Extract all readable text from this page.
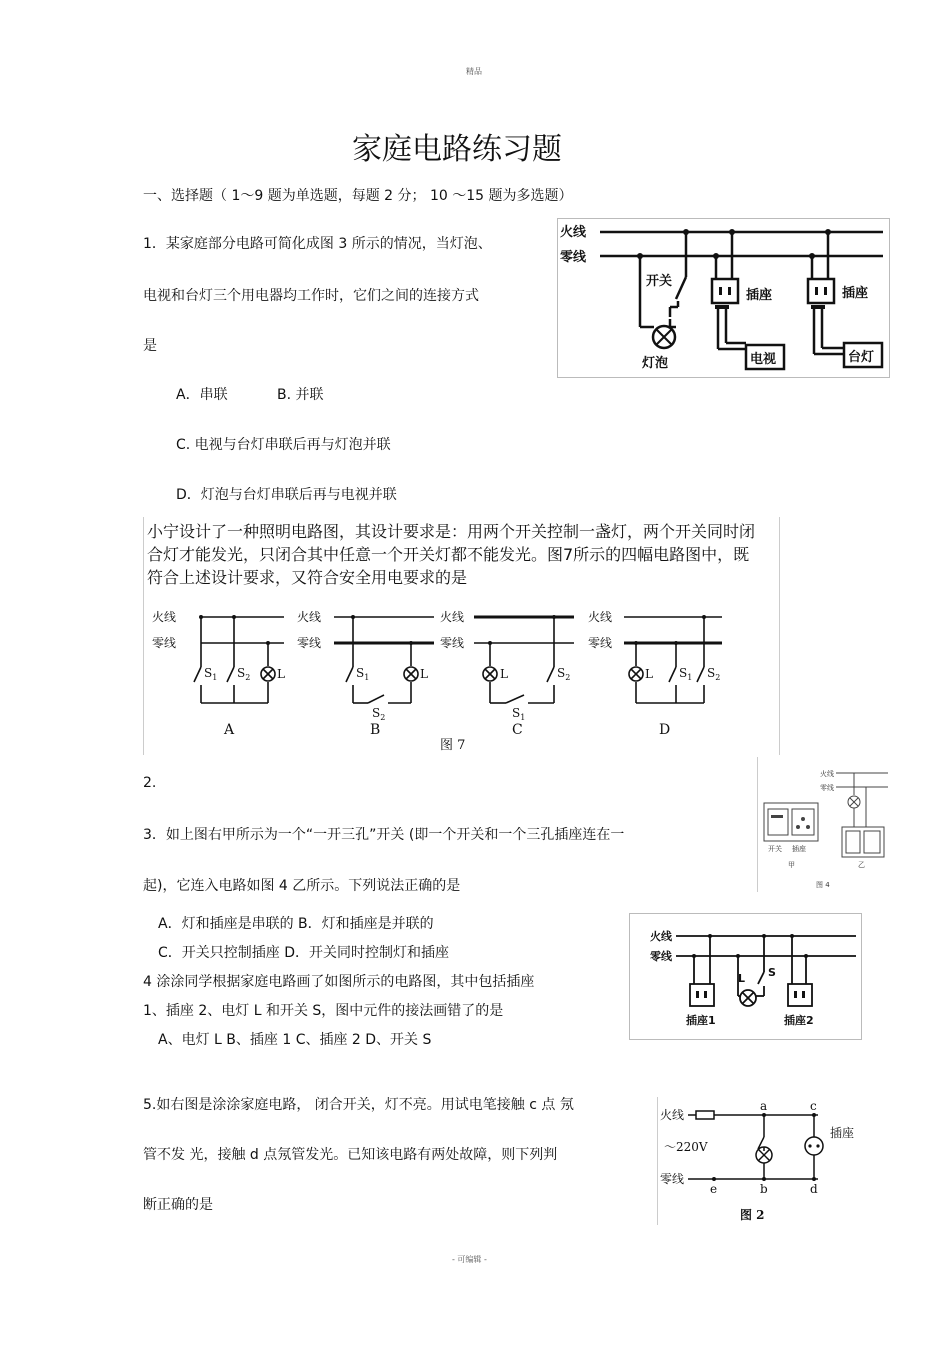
精品
- 可编辑 -
家庭电路练习题
一、选择题（ 1～9 题为单选题，每题 2 分； 10 ～15 题为多选题）
1．某家庭部分电路可简化成图 3 所示的情况，当灯泡、
电视和台灯三个用电器均工作时，它们之间的连接方式
是
A．串联	B. 并联
C. 电视与台灯串联后再与灯泡并联
D．灯泡与台灯串联后再与电视并联
火线
零线
开关
灯泡
插座	插座
电视	台灯
小宁设计了一种照明电路图，其设计要求是：用两个开关控制一盏灯，两个开关同时闭
合灯才能发光，只闭合其中任意一个开关灯都不能发光。图7所示的四幅电路图中，既
符合上述设计要求，又符合安全用电要求的是
火线
零线
火线
零线
火线
零线
火线
零线
$S_1$ $S_2$ L	$S_1$	L
$S_2$
L	$S_2$
$S_1$
L $S_1$ $S_2$
A	B	C	D
图 7
2.
3．如上图右甲所示为一个“一开三孔”开关 (即一个开关和一个三孔插座连在一
起)，它连入电路如图 4 乙所示。下列说法正确的是
A．灯和插座是串联的 B．灯和插座是并联的
C．开关只控制插座 D．开关同时控制灯和插座
火线
零线
开关 插座
甲	乙
图 4
4 涂涂同学根据家庭电路画了如图所示的电路图，其中包括插座
1、插座 2、电灯 L 和开关 S，图中元件的接法画错了的是
A、电灯 L B、插座 1 C、插座 2 D、开关 S
火线
零线
L S
插座1	插座2
5.如右图是涂涂家庭电路， 闭合开关，灯不亮。用试电笔接触 c 点 氖
管不发 光，接触 d 点氖管发光。已知该电路有两处故障，则下列判
断正确的是
火线
～220V
零线
插座
a	c
b	d
e
图 2
